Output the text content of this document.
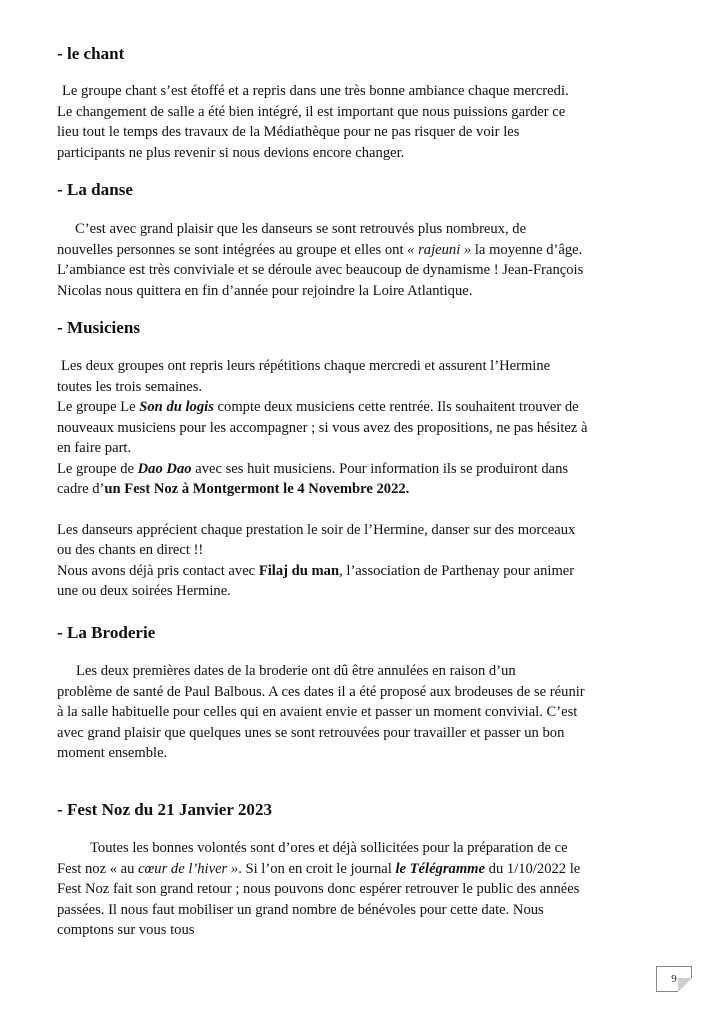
- le chant

Le groupe chant s’est étoffé et a repris dans une très bonne ambiance chaque mercredi.
Le changement de salle a été bien intégré, il est important que nous puissions garder ce
lieu tout le temps des travaux de la Médiathèque pour ne pas risquer de voir les
participants ne plus revenir si nous devions encore changer.

- La danse

C’est avec grand plaisir que les danseurs se sont retrouvés plus nombreux, de
nouvelles personnes se sont intégrées au groupe et elles ont « rajeuni » la moyenne d’âge.
L’ambiance est très conviviale et se déroule avec beaucoup de dynamisme ! Jean-François
Nicolas nous quittera en fin d’année pour rejoindre la Loire Atlantique.

- Musiciens

Les deux groupes ont repris leurs répétitions chaque mercredi et assurent l’Hermine
toutes les trois semaines.
Le groupe Le Son du logis compte deux musiciens cette rentrée. Ils souhaitent trouver de
nouveaux musiciens pour les accompagner ; si vous avez des propositions, ne pas hésitez à
en faire part.
Le groupe de Dao Dao avec ses huit musiciens. Pour information ils se produiront dans
cadre d’un Fest Noz à Montgermont le 4 Novembre 2022.
Les danseurs apprécient chaque prestation le soir de l’Hermine, danser sur des morceaux
ou des chants en direct !!
Nous avons déjà pris contact avec Filaj du man, l’association de Parthenay pour animer
une ou deux soirées Hermine.

- La Broderie

Les deux premières dates de la broderie ont dû être annulées en raison d’un
problème de santé de Paul Balbous. A ces dates il a été proposé aux brodeuses de se réunir
à la salle habituelle pour celles qui en avaient envie et passer un moment convivial. C’est
avec grand plaisir que quelques unes se sont retrouvées pour travailler et passer un bon
moment ensemble.

- Fest Noz du 21 Janvier 2023

Toutes les bonnes volontés sont d’ores et déjà sollicitées pour la préparation de ce
Fest noz « au cœur de l’hiver ». Si l’on en croit le journal le Télégramme du 1/10/2022 le
Fest Noz fait son grand retour ; nous pouvons donc espérer retrouver le public des années
passées. Il nous faut mobiliser un grand nombre de bénévoles pour cette date. Nous
comptons sur vous tous

9
